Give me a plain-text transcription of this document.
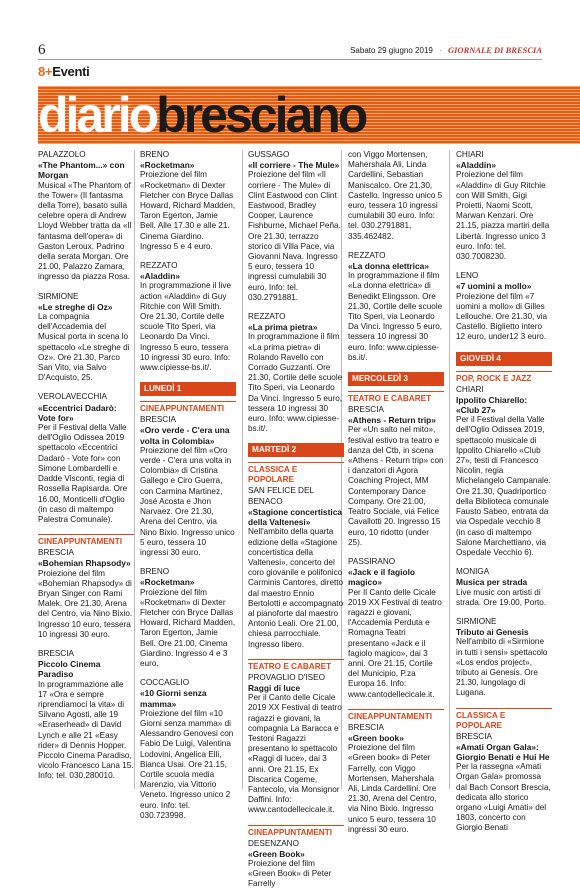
6	Sabato 29 giugno 2019 · GIORNALE DI BRESCIA
8+Eventi
diariobresciano
PALAZZOLO
«The Phantom...» con Morgan
Musical «The Phantom of the Tower» (Il fantasma della Torre), basato sulla celebre opera di Andrew Lloyd Webber tratta da «Il fantasma dell'opera» di Gaston Leroux. Padrino della serata Morgan. Ore 21.00, Palazzo Zamara, ingresso da piazza Rosa.
SIRMIONE
«Le streghe di Oz»
La compagnia dell'Accademia del Musical porta in scena lo spettacolo «Le streghe di Oz». Ore 21.30, Parco San Vito, via Salvo D'Acquisto, 25.
VEROLAVECCHIA
«Eccentrici Dadarò: Vote for»
Per il Festival della Valle dell'Oglio Odissea 2019 spettacolo «Eccentrici Dadarò - Vote for» con Simone Lombardelli e Dadde Visconti, regia di Rossella Rapisarda. Ore 16.00, Monticelli d'Oglio (in caso di maltempo Palestra Comunale).
CINEAPPUNTAMENTI
BRESCIA
«Bohemian Rhapsody»
Proiezione del film «Bohemian Rhapsody» di Bryan Singer con Rami Malek. Ore 21.30, Arena del Centro, via Nino Bixio. Ingresso 10 euro, tessera 10 ingressi 30 euro.
BRESCIA
Piccolo Cinema Paradiso
In programmazione alle 17 «Ora e sempre riprendiamoci la vita» di Silvano Agosti, alle 19 «Eraserhead» di David Lynch e alle 21 «Easy rider» di Dennis Hopper. Piccolo Cinema Paradiso, vicolo Francesco Lana 15. Info: tel. 030.280010.
BRENO
«Rocketman»
Proiezione del film «Rocketman» di Dexter Fletcher con Bryce Dallas Howard, Richard Madden, Taron Egerton, Jamie Bell. Alle 17.30 e alle 21. Cinema Giardino. Ingresso 5 e 4 euro.
REZZATO
«Aladdin»
In programmazione il live action «Aladdin» di Guy Ritchie con Will Smith. Ore 21.30, Cortile delle scuole Tito Speri, via Leonardo Da Vinci. Ingresso 5 euro, tessera 10 ingressi 30 euro. Info: www.cipiesse-bs.it/.
LUNEDÌ 1
CINEAPPUNTAMENTI
BRESCIA
«Oro verde - C'era una volta in Colombia»
Proiezione del film «Oro verde - C'era una volta in Colombia» di Cristina Gallego e Ciro Guerra, con Carmina Martinez, José Acosta e Jhon Narvaez. Ore 21.30, Arena del Centro, via Nino Bixio. Ingresso unico 5 euro, tessera 10 ingressi 30 euro.
BRENO
«Rocketman»
Proiezione del film «Rocketman» di Dexter Fletcher con Bryce Dallas Howard, Richard Madden, Taron Egerton, Jamie Bell. Ore 21.00, Cinema Giardino. Ingresso 4 e 3 euro.
COCCAGLIO
«10 Giorni senza mamma»
Proiezione del film «10 Giorni senza mamma» di Alessandro Genovesi con Fabio De Luigi, Valentina Lodovini, Angelica Elli, Bianca Usai. Ore 21.15, Cortile scuola media Marenzio, via Vittorio Veneto. Ingresso unico 2 euro. Info: tel. 030.723998.
GUSSAGO
«Il corriere - The Mule»
Proiezione del film «Il corriere - The Mule» di Clint Eastwood con Clint Eastwood, Bradley Cooper, Laurence Fishburne, Michael Peña. Ore 21.30, terrazzo storico di Villa Pace, via Giovanni Nava. Ingresso 5 euro, tessera 10 ingressi cumulabili 30 euro. Info: tel. 030.2791881.
REZZATO
«La prima pietra»
In programmazione il film «La prima pietra» di Rolando Ravello con Corrado Guzzanti. Ore 21.30, Cortile delle scuole Tito Speri, via Leonardo Da Vinci. Ingresso 5 euro, tessera 10 ingressi 30 euro. Info: www.cipiesse-bs.it/.
MARTEDÌ 2
CLASSICA E POPOLARE
SAN FELICE DEL BENACO
«Stagione concertistica della Valtenesi»
Nell'ambito della quarta edizione della «Stagione concertistica della Valtenesi», concerto del coro giovanile e polifonico Carminis Cantores, diretto dal maestro Ennio Bertolotti e accompagnato al pianoforte dal maestro Antonio Leali. Ore 21.00, chiesa parrocchiale. Ingresso libero.
TEATRO E CABARET
PROVAGLIO D'ISEO
Raggi di luce
Per il Canto delle Cicale 2019 XX Festival di teatro ragazzi e giovani, la compagnia La Baracca e Testoni Ragazzi presentano lo spettacolo «Raggi di luce», dai 3 anni. Ore 21.15, Ex Discarica Cogeme, Fantecolo, via Monsignor Daffini. Info: www.cantodellecicale.it.
CINEAPPUNTAMENTI
DESENZANO
«Green Book»
Proiezione del film «Green Book» di Peter Farrelly
con Viggo Mortensen, Mahershala Ali, Linda Cardellini, Sebastian Maniscalco. Ore 21.30, Castello. Ingresso unico 5 euro, tessera 10 ingressi cumulabili 30 euro. Info: tel. 030.2791881, 335.462482.
REZZATO
«La donna elettrica»
In programmazione il film «La donna elettrica» di Benedikt Elingsson. Ore 21.30, Cortile delle scuole Tito Speri, via Leonardo Da Vinci. Ingresso 5 euro, tessera 10 ingressi 30 euro. Info: www.cipiesse-bs.it/.
MERCOLEDÌ 3
TEATRO E CABARET
BRESCIA
«Athens - Return trip»
Per «Un salto nel mito», festival estivo tra teatro e danza del Ctb, in scena «Athens - Return trip» con i danzatori di Agora Coaching Project, MM Contemporary Dance Company. Ore 21.00, Teatro Sociale, via Felice Cavallotti 20. Ingresso 15 euro, 10 ridotto (under 25).
PASSIRANO
«Jack e il fagiolo magico»
Per Il Canto delle Cicale 2019 XX Festival di teatro ragazzi e giovani, l'Accademia Perduta e Romagna Teatri presentano «Jack e il fagiolo magico», dai 3 anni. Ore 21.15, Cortile del Municipio, P.za Europa 16. Info: www.cantodellecicale.it.
CINEAPPUNTAMENTI
BRESCIA
«Green book»
Proiezione del film «Green book» di Peter Farrelly, con Viggo Mortensen, Mahershala Ali, Linda Cardellini. Ore 21.30, Arena del Centro, via Nino Bixio. Ingresso unico 5 euro, tessera 10 ingressi 30 euro.
CHIARI
«Aladdin»
Proiezione del film «Aladdin» di Guy Ritchie con Will Smith, Gigi Proietti, Naomi Scott, Marwan Kenzari. Ore 21.15, piazza martiri della Libertà. Ingresso unico 3 euro. Info: tel. 030.7008230.
LENO
«7 uomini a mollo»
Proiezione del film «7 uomini a mollo» di Gilles Lellouche. Ore 21.30, via Castello. Biglietto intero 12 euro, under12 3 euro.
GIOVEDÌ 4
POP, ROCK E JAZZ
CHIARI
Ippolito Chiarello: «Club 27»
Per il Festival della Valle dell'Oglio Odissea 2019, spettacolo musicale di Ippolito Chiarello «Club 27», testi di Francesco Nicolin, regia Michelangelo Campanale. Ore 21.30, Quadriportico della Biblioteca comunale Fausto Sabeo, entrata da via Ospedale vecchio 8 (in caso di maltempo Salone Marchettiano, via Ospedale Vecchio 6).
MONIGA
Musica per strada
Live music con artisti di strada. Ore 19.00, Porto.
SIRMIONE
Tributo ai Genesis
Nell'ambito di «Sirmione in tutti i sensi» spettacolo «Los endos project», tributo ai Genesis. Ore 21.30, lungolago di Lugana.
CLASSICA E POPOLARE
BRESCIA
«Amati Organ Gala»: Giorgio Benati e Hui He
Per la rassegna «Amati Organ Gala» promossa dal Bach Consort Brescia, dedicata allo storico organo «Luigi Amati» del 1803, concerto con Giorgio Benati
